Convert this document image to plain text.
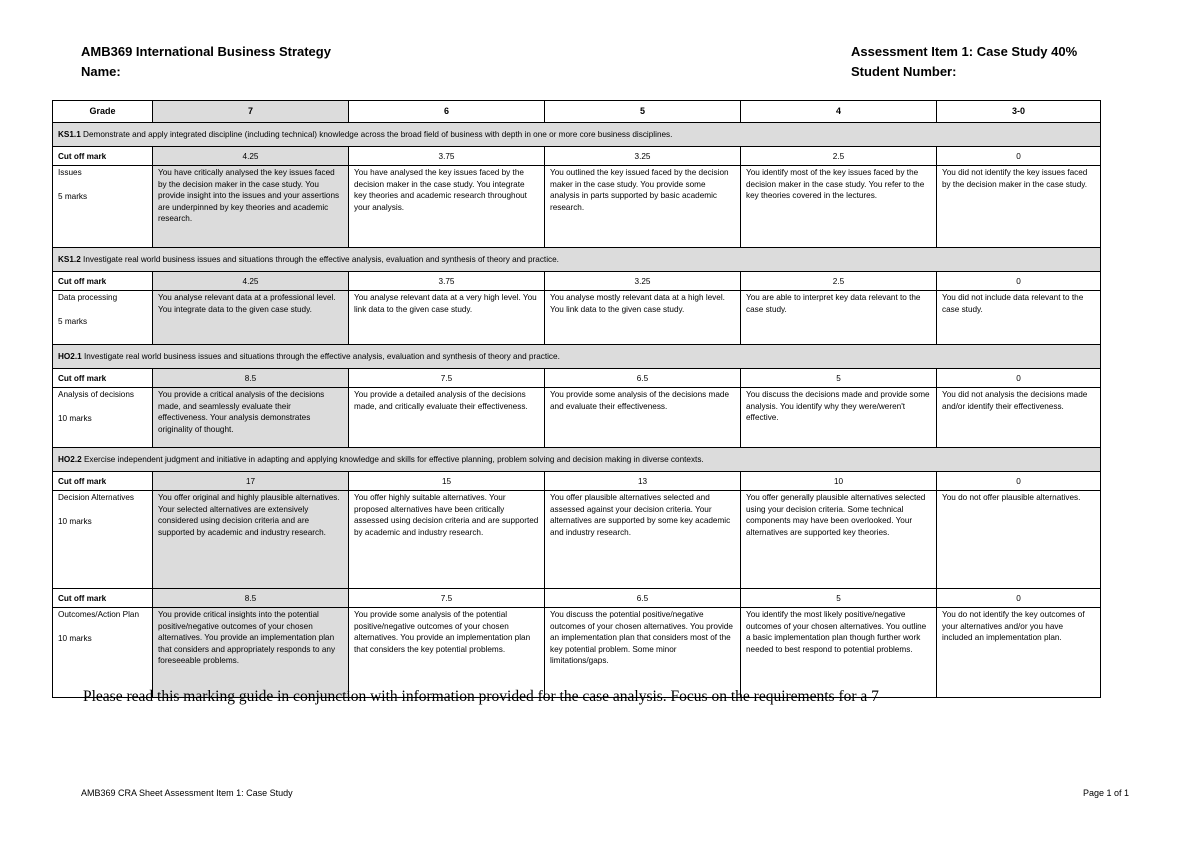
AMB369 International Business Strategy
Name:
Assessment Item 1: Case Study 40%
Student Number:
Grade	7	6	5	4	3-0
KS1.1 Demonstrate and apply integrated discipline (including technical) knowledge across the broad field of business with depth in one or more core business disciplines.					
Cut off mark	4.25	3.75	3.25	2.5	0
Issues
5 marks	You have critically analysed the key issues faced by the decision maker in the case study. You provide insight into the issues and your assertions are underpinned by key theories and academic research.	You have analysed the key issues faced by the decision maker in the case study. You integrate key theories and academic research throughout your analysis.	You outlined the key issued faced by the decision maker in the case study. You provide some analysis in parts supported by basic academic research.	You identify most of the key issues faced by the decision maker in the case study. You refer to the key theories covered in the lectures.	You did not identify the key issues faced by the decision maker in the case study.
KS1.2 Investigate real world business issues and situations through the effective analysis, evaluation and synthesis of theory and practice.					
Cut off mark	4.25	3.75	3.25	2.5	0
Data processing
5 marks	You analyse relevant data at a professional level. You integrate data to the given case study.	You analyse relevant data at a very high level. You link data to the given case study.	You analyse mostly relevant data at a high level. You link data to the given case study.	You are able to interpret key data relevant to the case study.	You did not include data relevant to the case study.
HO2.1 Investigate real world business issues and situations through the effective analysis, evaluation and synthesis of theory and practice.					
Cut off mark	8.5	7.5	6.5	5	0
Analysis of decisions
10 marks	You provide a critical analysis of the decisions made, and seamlessly evaluate their effectiveness. Your analysis demonstrates originality of thought.	You provide a detailed analysis of the decisions made, and critically evaluate their effectiveness.	You provide some analysis of the decisions made and evaluate their effectiveness.	You discuss the decisions made and provide some analysis. You identify why they were/weren't effective.	You did not analysis the decisions made and/or identify their effectiveness.
HO2.2 Exercise independent judgment and initiative in adapting and applying knowledge and skills for effective planning, problem solving and decision making in diverse contexts.					
Cut off mark	17	15	13	10	0
Decision Alternatives
10 marks	You offer original and highly plausible alternatives. Your selected alternatives are extensively considered using decision criteria and are supported by academic and industry research.	You offer highly suitable alternatives. Your proposed alternatives have been critically assessed using decision criteria and are supported by academic and industry research.	You offer plausible alternatives selected and assessed against your decision criteria. Your alternatives are supported by some key academic and industry research.	You offer generally plausible alternatives selected using your decision criteria. Some technical components may have been overlooked. Your alternatives are supported key theories.	You do not offer plausible alternatives.
Cut off mark	8.5	7.5	6.5	5	0
Outcomes/Action Plan
10 marks	You provide critical insights into the potential positive/negative outcomes of your chosen alternatives. You provide an implementation plan that considers and appropriately responds to any foreseeable problems.	You provide some analysis of the potential positive/negative outcomes of your chosen alternatives. You provide an implementation plan that considers the key potential problems.	You discuss the potential positive/negative outcomes of your chosen alternatives. You provide an implementation plan that considers most of the key potential problem. Some minor limitations/gaps.	You identify the most likely positive/negative outcomes of your chosen alternatives. You outline a basic implementation plan though further work needed to best respond to potential problems.	You do not identify the key outcomes of your alternatives and/or you have included an implementation plan.
Please read this marking guide in conjunction with information provided for the case analysis. Focus on the requirements for a 7
AMB369 CRA Sheet Assessment Item 1: Case Study	Page 1 of 1
